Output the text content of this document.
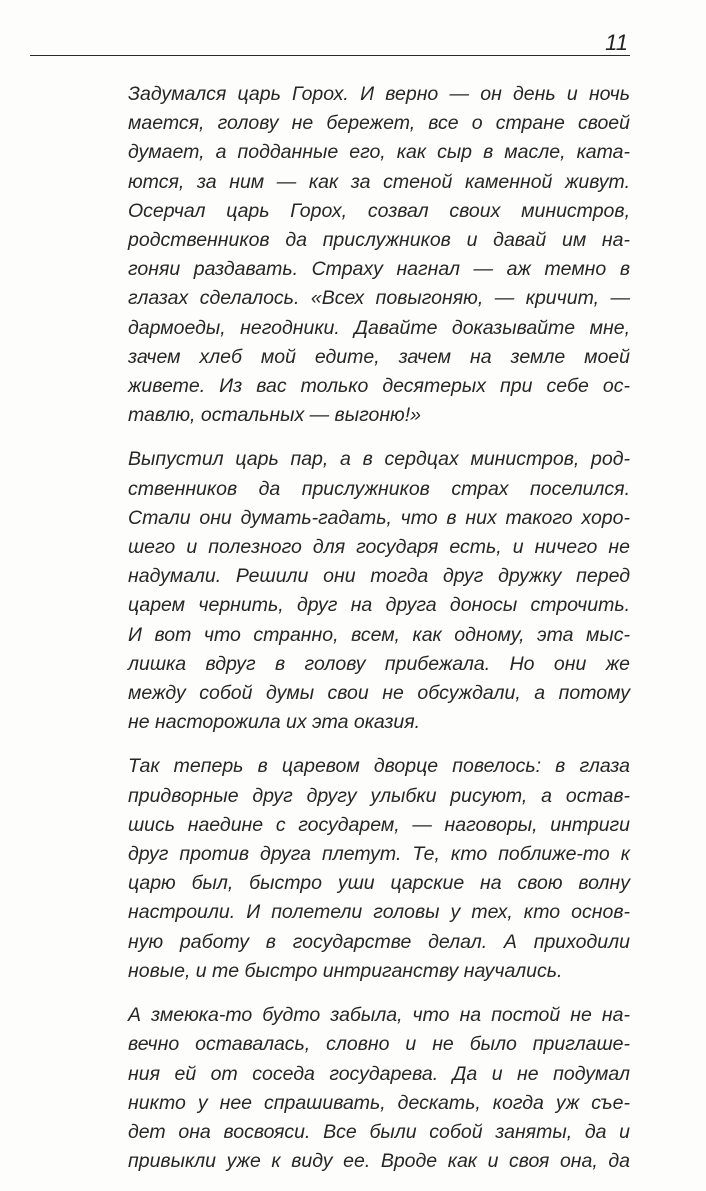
11

Задумался царь Горох. И верно — он день и ночь
мается, голову не бережет, все о стране своей
думает, а подданные его, как сыр в масле, ката-
ются, за ним — как за стеной каменной живут.
Осерчал царь Горох, созвал своих министров,
родственников да прислужников и давай им на-
гоняи раздавать. Страху нагнал — аж темно в
глазах сделалось. «Всех повыгоняю, — кричит, —
дармоеды, негодники. Давайте доказывайте мне,
зачем хлеб мой едите, зачем на земле моей
живете. Из вас только десятерых при себе ос-
тавлю, остальных — выгоню!»

Выпустил царь пар, а в сердцах министров, род-
ственников да прислужников страх поселился.
Стали они думать-гадать, что в них такого хоро-
шего и полезного для государя есть, и ничего не
надумали. Решили они тогда друг дружку перед
царем чернить, друг на друга доносы строчить.
И вот что странно, всем, как одному, эта мыс-
лишка вдруг в голову прибежала. Но они же
между собой думы свои не обсуждали, а потому
не насторожила их эта оказия.

Так теперь в царевом дворце повелось: в глаза
придворные друг другу улыбки рисуют, а остав-
шись наедине с государем, — наговоры, интриги
друг против друга плетут. Те, кто поближе-то к
царю был, быстро уши царские на свою волну
настроили. И полетели головы у тех, кто основ-
ную работу в государстве делал. А приходили
новые, и те быстро интриганству научались.

А змеюка-то будто забыла, что на постой не на-
вечно оставалась, словно и не было приглаше-
ния ей от соседа государева. Да и не подумал
никто у нее спрашивать, дескать, когда уж съе-
дет она восвояси. Все были собой заняты, да и
привыкли уже к виду ее. Вроде как и своя она, да
